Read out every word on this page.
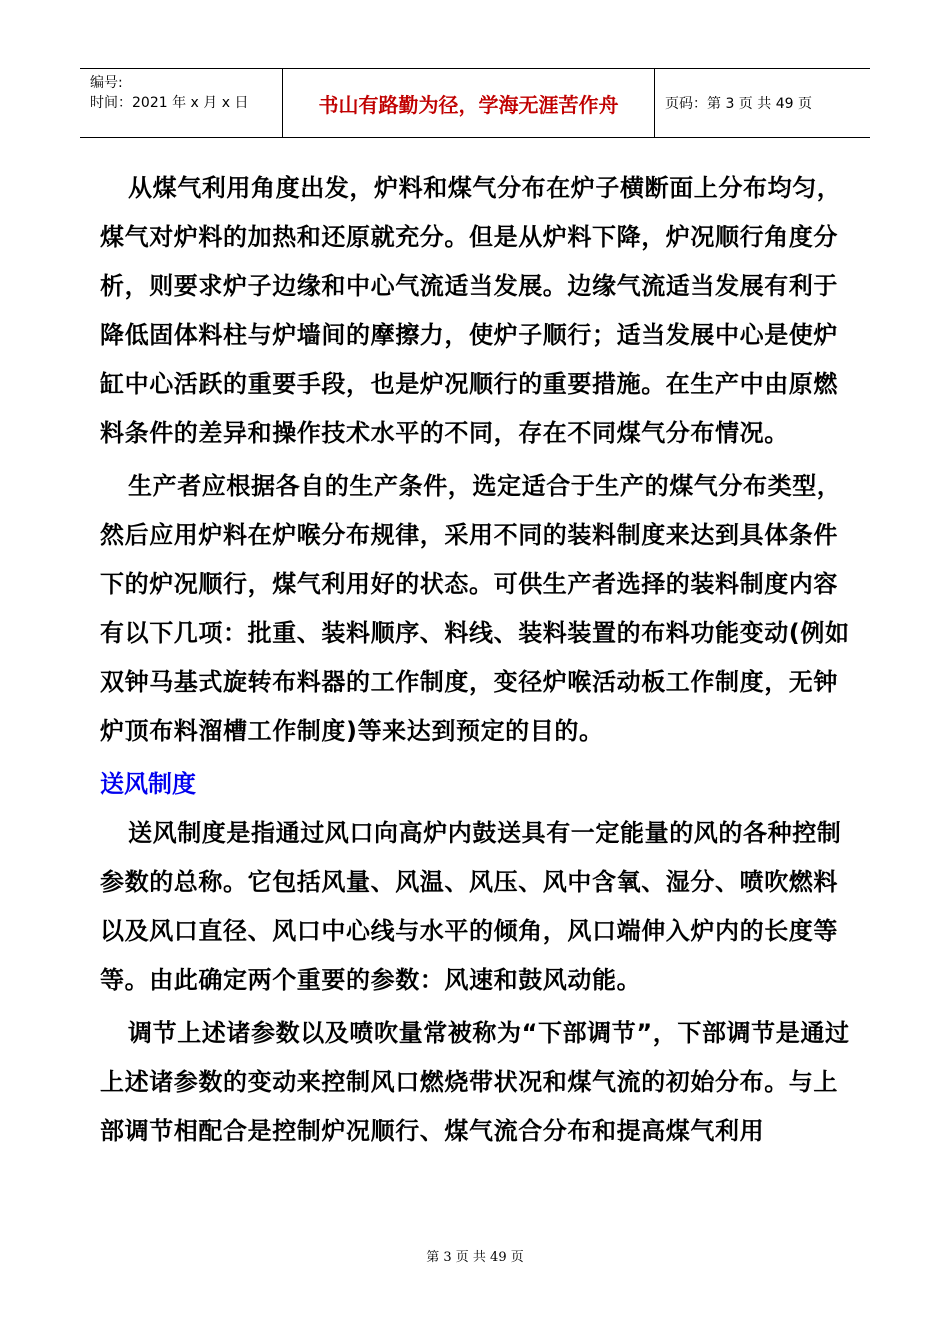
编号:
时间：2021 年 x 月 x 日	书山有路勤为径，学海无涯苦作舟	页码：第 3 页 共 49 页

从煤气利用角度出发，炉料和煤气分布在炉子横断面上分布均匀，煤气对炉料的加热和还原就充分。但是从炉料下降，炉况顺行角度分析，则要求炉子边缘和中心气流适当发展。边缘气流适当发展有利于降低固体料柱与炉墙间的摩擦力，使炉子顺行；适当发展中心是使炉缸中心活跃的重要手段，也是炉况顺行的重要措施。在生产中由原燃料条件的差异和操作技术水平的不同，存在不同煤气分布情况。

生产者应根据各自的生产条件，选定适合于生产的煤气分布类型，然后应用炉料在炉喉分布规律，采用不同的装料制度来达到具体条件下的炉况顺行，煤气利用好的状态。可供生产者选择的装料制度内容有以下几项：批重、装料顺序、料线、装料装置的布料功能变动(例如双钟马基式旋转布料器的工作制度，变径炉喉活动板工作制度，无钟炉顶布料溜槽工作制度)等来达到预定的目的。

送风制度

送风制度是指通过风口向高炉内鼓送具有一定能量的风的各种控制参数的总称。它包括风量、风温、风压、风中含氧、湿分、喷吹燃料以及风口直径、风口中心线与水平的倾角，风口端伸入炉内的长度等等。由此确定两个重要的参数：风速和鼓风动能。

调节上述诸参数以及喷吹量常被称为“下部调节”，下部调节是通过上述诸参数的变动来控制风口燃烧带状况和煤气流的初始分布。与上部调节相配合是控制炉况顺行、煤气流合分布和提高煤气利用

第 3 页 共 49 页
